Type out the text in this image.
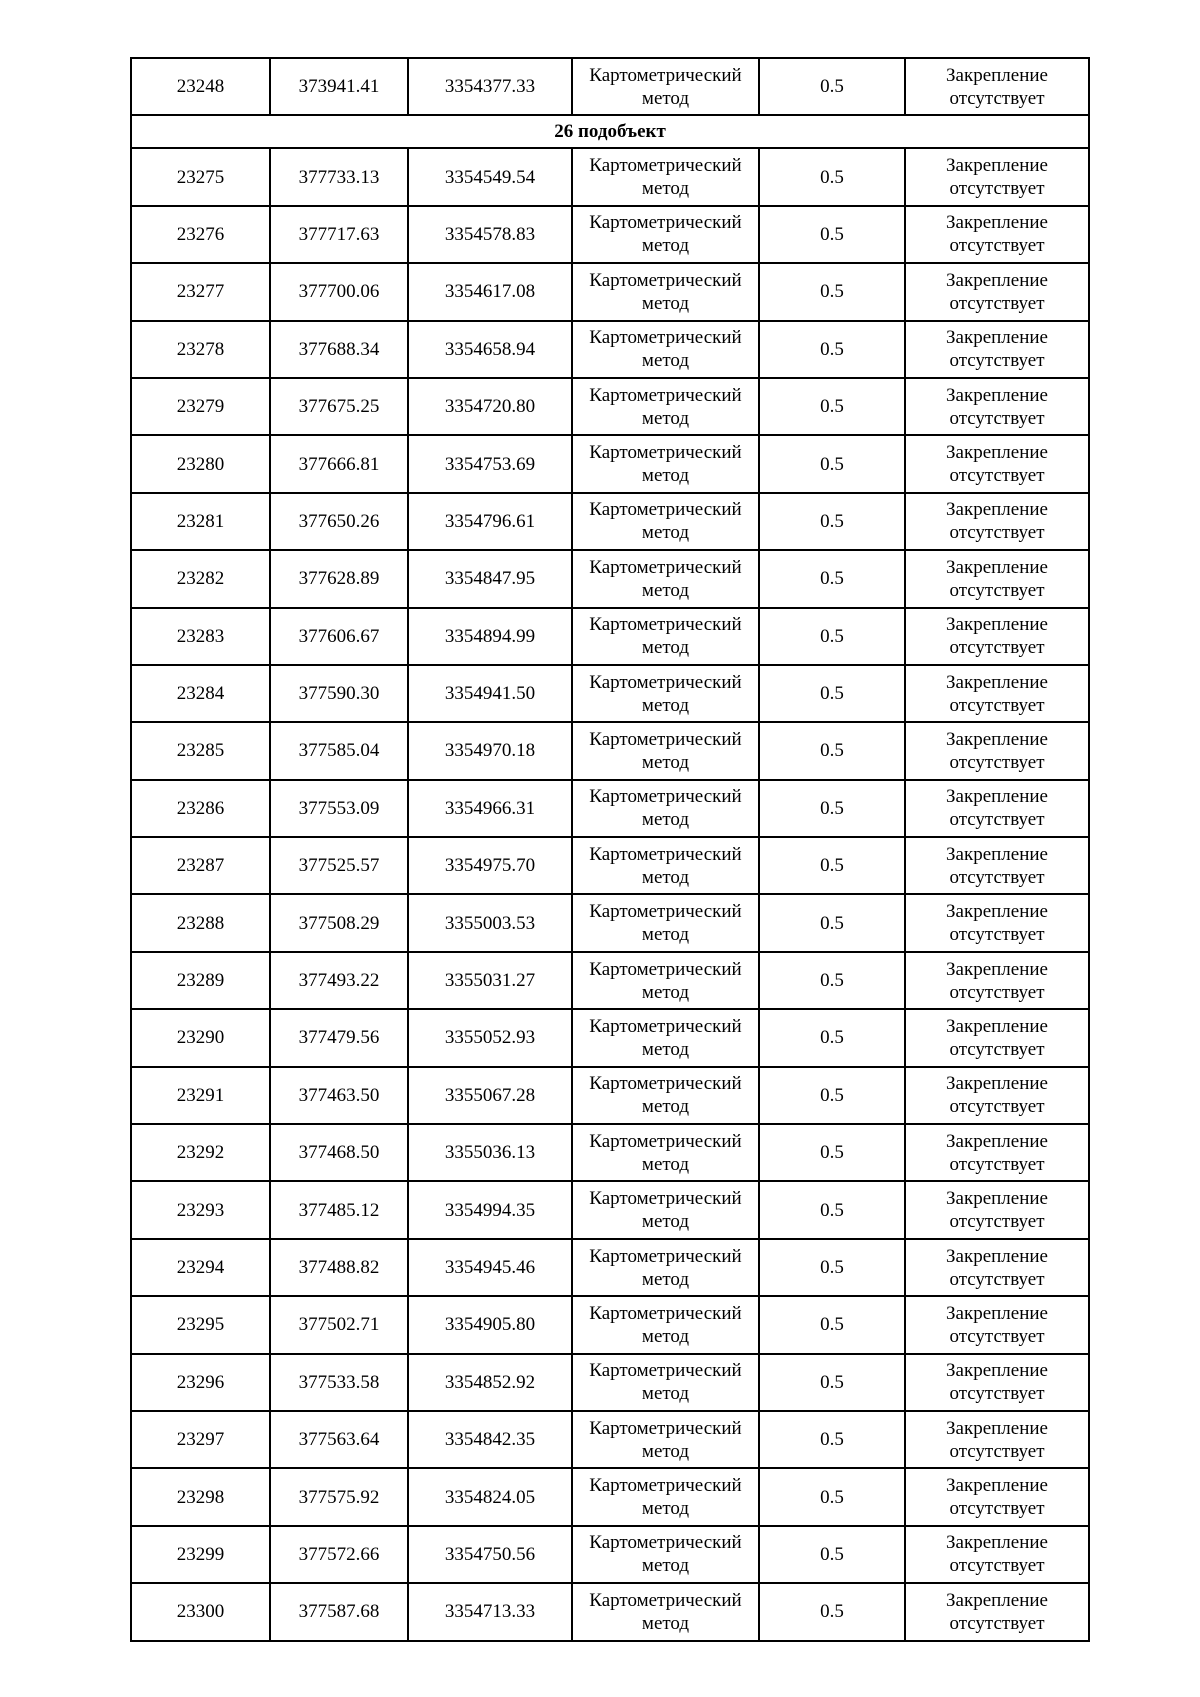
23248	373941.41	3354377.33	Картометрический
метод	0.5	Закрепление
отсутствует

26 подобъект					
23275	377733.13	3354549.54	Картометрический
метод	0.5	Закрепление
отсутствует

23276	377717.63	3354578.83	Картометрический
метод	0.5	Закрепление
отсутствует

23277	377700.06	3354617.08	Картометрический
метод	0.5	Закрепление
отсутствует

23278	377688.34	3354658.94	Картометрический
метод	0.5	Закрепление
отсутствует

23279	377675.25	3354720.80	Картометрический
метод	0.5	Закрепление
отсутствует

23280	377666.81	3354753.69	Картометрический
метод	0.5	Закрепление
отсутствует

23281	377650.26	3354796.61	Картометрический
метод	0.5	Закрепление
отсутствует

23282	377628.89	3354847.95	Картометрический
метод	0.5	Закрепление
отсутствует

23283	377606.67	3354894.99	Картометрический
метод	0.5	Закрепление
отсутствует

23284	377590.30	3354941.50	Картометрический
метод	0.5	Закрепление
отсутствует

23285	377585.04	3354970.18	Картометрический
метод	0.5	Закрепление
отсутствует

23286	377553.09	3354966.31	Картометрический
метод	0.5	Закрепление
отсутствует

23287	377525.57	3354975.70	Картометрический
метод	0.5	Закрепление
отсутствует

23288	377508.29	3355003.53	Картометрический
метод	0.5	Закрепление
отсутствует

23289	377493.22	3355031.27	Картометрический
метод	0.5	Закрепление
отсутствует

23290	377479.56	3355052.93	Картометрический
метод	0.5	Закрепление
отсутствует

23291	377463.50	3355067.28	Картометрический
метод	0.5	Закрепление
отсутствует

23292	377468.50	3355036.13	Картометрический
метод	0.5	Закрепление
отсутствует

23293	377485.12	3354994.35	Картометрический
метод	0.5	Закрепление
отсутствует

23294	377488.82	3354945.46	Картометрический
метод	0.5	Закрепление
отсутствует

23295	377502.71	3354905.80	Картометрический
метод	0.5	Закрепление
отсутствует

23296	377533.58	3354852.92	Картометрический
метод	0.5	Закрепление
отсутствует

23297	377563.64	3354842.35	Картометрический
метод	0.5	Закрепление
отсутствует

23298	377575.92	3354824.05	Картометрический
метод	0.5	Закрепление
отсутствует

23299	377572.66	3354750.56	Картометрический
метод	0.5	Закрепление
отсутствует

23300	377587.68	3354713.33	Картометрический
метод	0.5	Закрепление
отсутствует
